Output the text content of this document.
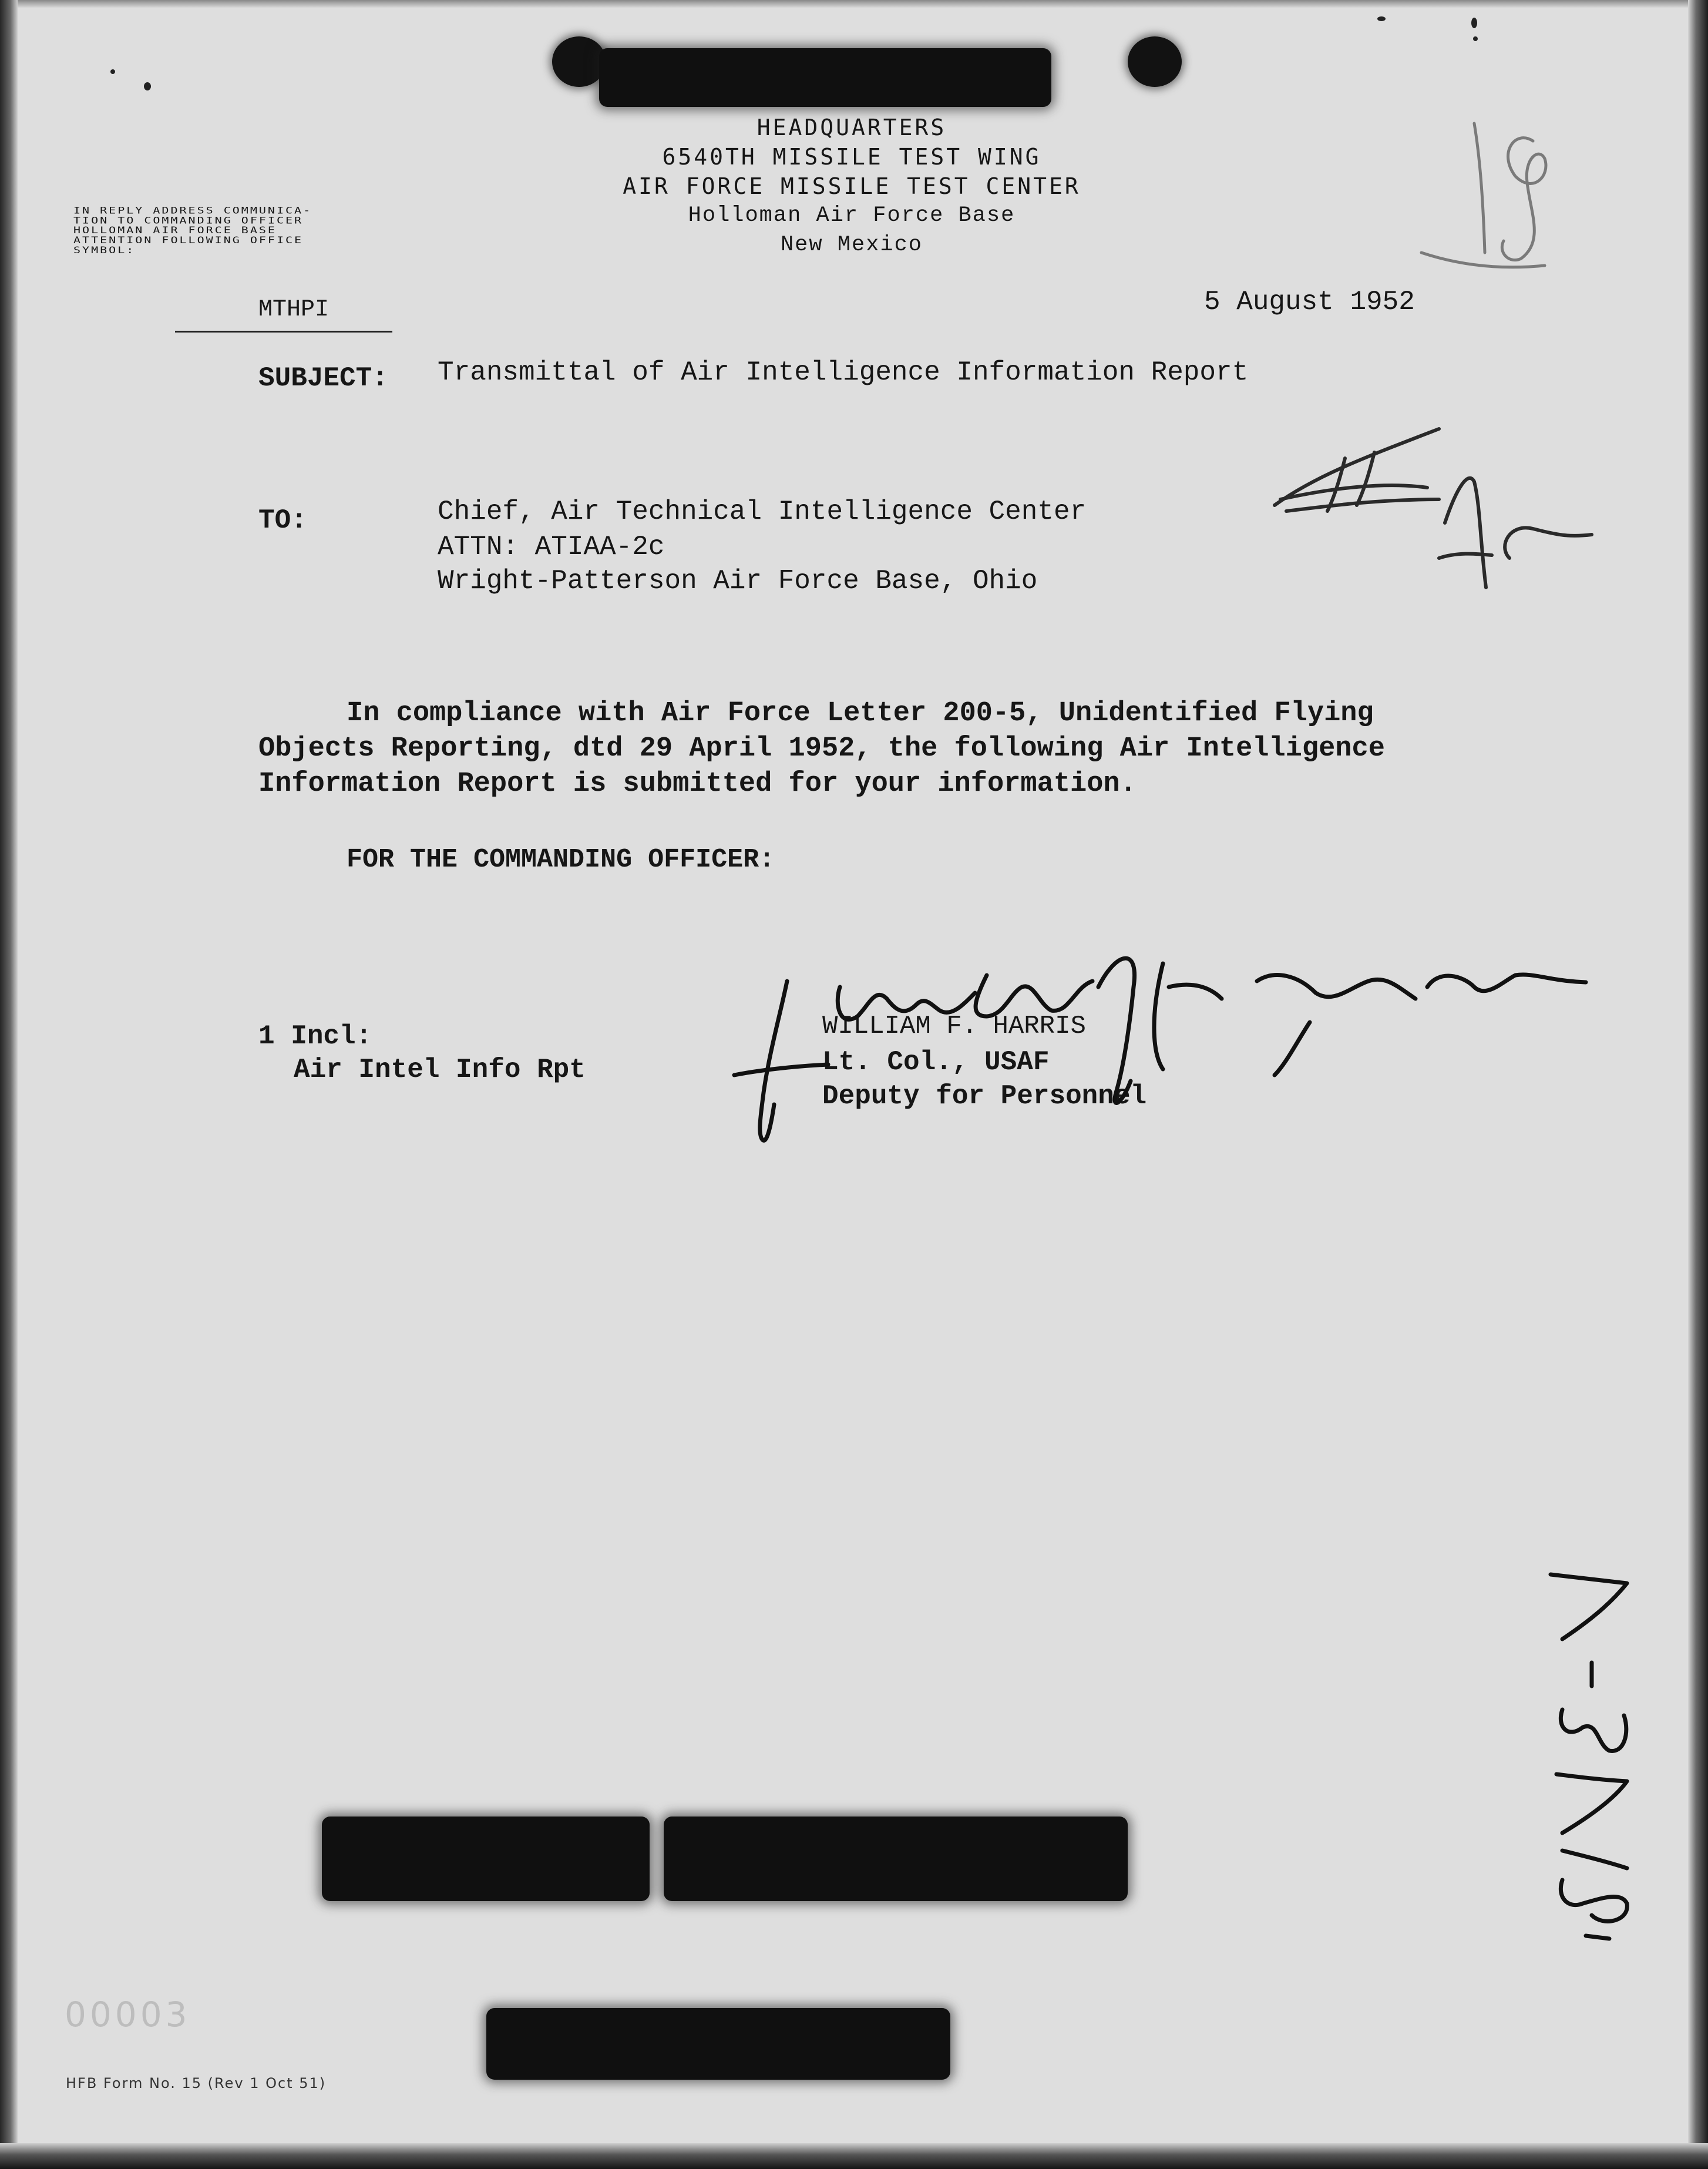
HEADQUARTERS
6540TH MISSILE TEST WING
AIR FORCE MISSILE TEST CENTER
Holloman Air Force Base
New Mexico
IN REPLY ADDRESS COMMUNICA-
TION TO COMMANDING OFFICER
HOLLOMAN AIR FORCE BASE
ATTENTION FOLLOWING OFFICE
SYMBOL:
MTHPI	5 August 1952
SUBJECT: Transmittal of Air Intelligence Information Report
TO:	Chief, Air Technical Intelligence Center
ATTN: ATIAA-2c
Wright-Patterson Air Force Base, Ohio
In compliance with Air Force Letter 200-5, Unidentified Flying
Objects Reporting, dtd 29 April 1952, the following Air Intelligence
Information Report is submitted for your information.
FOR THE COMMANDING OFFICER:
1 Incl:
Air Intel Info Rpt
WILLIAM F. HARRIS
Lt. Col., USAF
Deputy for Personnel
00003
HFB Form No. 15 (Rev 1 Oct 51)
